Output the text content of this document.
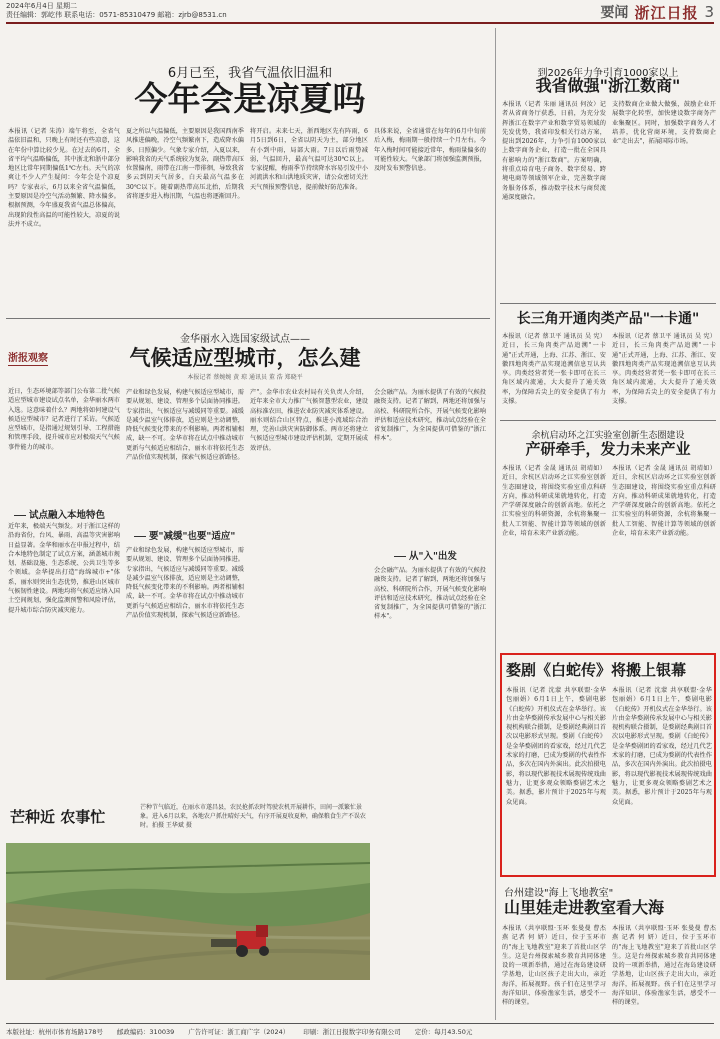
2024年6月4日 星期二
责任编辑：郭屹伟 联系电话：0571-85310479 邮箱：zjrb@8531.cn	要闻 浙江日报 3
6月已至，我省气温依旧温和
今年会是凉夏吗
本报讯（记者 朱涛）端午将至，全省气温依旧温和，只晚上有时还有些凉意，这在年份中算比较少见。在过去的6月，全省平均气温略偏低，其中浙北和浙中部分地区比常年同期偏低1℃左右。天气的凉爽让不少人产生疑问：今年会是个凉夏吗？专家表示，6月以来全省气温偏低，主要原因是冷空气活动频繁、降水偏多。根据预测，今年盛夏我省气温总体偏高，出现阶段性高温的可能性较大，凉夏的说法并不成立。
夏之所以气温偏低，主要原因是我国西南季风推进偏晚，冷空气频繁南下，造成降水偏多、日照偏少。气象专家介绍，入夏以来，影响我省的天气系统较为复杂，副热带高压位置偏南，雨带在江南一带徘徊，导致我省多云到阴天气居多，白天最高气温多在30℃以下。随着副热带高压北抬，后期我省将逐步进入梅汛期，气温也将逐渐回升。
将开启。未来七天，浙西地区先有阵雨，6月5日到6日，全省以阴天为主，部分地区有小到中雨，局部大雨。7日以后雨势减弱，气温回升，最高气温可达30℃以上。专家提醒，梅雨季节持续降水容易引发中小河流洪水和山洪地质灾害，请公众密切关注天气预报预警信息，提前做好防范准备。
具体来说，全省通常在每年的6月中旬前后入梅，梅雨期一般持续一个月左右。今年入梅时间可能接近常年，梅雨量偏多的可能性较大。气象部门将加强监测预报，及时发布预警信息。
金华丽水入选国家级试点——
气候适应型城市，怎么建
本报记者 蔡婉婉 黄 琼 通讯员 董 浩 郑晓平
浙报观察
近日，生态环境部等部门公布第二批气候适应型城市建设试点名单，金华丽水两市入选。这意味着什么？两地将如何建设气候适应型城市？记者进行了采访。气候适应型城市，是指通过规划引导、工程措施和管理手段，提升城市应对极端天气气候事件能力的城市。
试点融入本地特色
近年来，极端天气频发。对于浙江这样的沿海省份，台风、暴雨、高温等灾害影响日益显著。金华和丽水在申报过程中，结合本地特色制定了试点方案，涵盖城市规划、基础设施、生态系统、公共卫生等多个领域。金华提出打造"海绵城市+"体系，丽水则突出生态优势，推进山区城市气候韧性建设。两地均将气候适应纳入国土空间规划，强化监测预警和风险评估，提升城市综合防灾减灾能力。
产业和绿色发展，构建气候适应型城市，需要从规划、建设、管理多个层面协同推进。专家指出，气候适应与减缓同等重要。减缓是减少温室气体排放，适应则是主动调整，降低气候变化带来的不利影响。两者相辅相成，缺一不可。金华市将在试点中推动城市更新与气候适应相结合，丽水市将依托生态产品价值实现机制，探索气候适应新路径。
要"减缓"也要"适应"
产业和绿色发展，构建气候适应型城市，需要从规划、建设、管理多个层面协同推进。专家指出，气候适应与减缓同等重要。减缓是减少温室气体排放，适应则是主动调整，降低气候变化带来的不利影响。两者相辅相成，缺一不可。金华市将在试点中推动城市更新与气候适应相结合，丽水市将依托生态产品价值实现机制，探索气候适应新路径。
产"。金华市农业农村局有关负责人介绍，近年来全市大力推广气候智慧型农业，建设高标准农田，推进农业防灾减灾体系建设。丽水则结合山区特点，推进小流域综合治理，完善山洪灾害防御体系。两市还将建立气候适应型城市建设评估机制，定期开展成效评估。
会会融产品。为丽水提供了有效的气候投融资支持。记者了解到，两地还将加强与高校、科研院所合作，开展气候变化影响评估和适应技术研究，推动试点经验在全省复制推广，为全国提供可借鉴的"浙江样本"。
从"入"出发
会会融产品。为丽水提供了有效的气候投融资支持。记者了解到，两地还将加强与高校、科研院所合作，开展气候变化影响评估和适应技术研究，推动试点经验在全省复制推广，为全国提供可借鉴的"浙江样本"。
芒种近 农事忙
芒种节气临近，在丽水市遂昌县，农民抢抓农时驾驶农机开展耕作，田间一派繁忙景象。进入6月以来，各地农户抓住晴好天气，有序开展夏收夏种，确保粮食生产不误农时。拍摄 王华斌 摄
到2026年力争引育1000家以上
我省做强"浙江数商"
本报讯（记者 朱丽 通讯员 何汝）记者从省商务厅获悉，日前，为充分发挥浙江在数字产业和数字贸易领域的先发优势，我省印发相关行动方案，提出到2026年，力争引育1000家以上数字商务企业，打造一批在全国具有影响力的"浙江数商"。方案明确，将重点培育电子商务、数字贸易、跨境电商等领域领军企业，完善数字商务服务体系，推动数字技术与商贸流通深度融合。
支持数商企业做大做强，鼓励企业开展数字化转型，加快建设数字商务产业集聚区。同时，加强数字商务人才培养，优化营商环境，支持数商企业"走出去"，拓展国际市场。
长三角开通肉类产品"一卡通"
本报讯（记者 蔡卫平 通讯员 吴 宪）近日，长三角肉类产品追溯"一卡通"正式开通，上海、江苏、浙江、安徽四地肉类产品实现追溯信息互认共享。肉类经营者凭一张卡即可在长三角区域内流通，大大提升了通关效率，为保障舌尖上的安全提供了有力支撑。
本报讯（记者 蔡卫平 通讯员 吴 宪）近日，长三角肉类产品追溯"一卡通"正式开通，上海、江苏、浙江、安徽四地肉类产品实现追溯信息互认共享。肉类经营者凭一张卡即可在长三角区域内流通，大大提升了通关效率，为保障舌尖上的安全提供了有力支撑。
余杭启动环之江实验室创新生态圈建设
产研牵手，发力未来产业
本报讯（记者 金晟 通讯员 胡靖如）近日，余杭区启动环之江实验室创新生态圈建设，将围绕实验室重点科研方向，推动科研成果就地转化，打造产学研深度融合的创新高地。依托之江实验室的科研资源，余杭将集聚一批人工智能、智能计算等领域的创新企业，培育未来产业新动能。
本报讯（记者 金晟 通讯员 胡靖如）近日，余杭区启动环之江实验室创新生态圈建设，将围绕实验室重点科研方向，推动科研成果就地转化，打造产学研深度融合的创新高地。依托之江实验室的科研资源，余杭将集聚一批人工智能、智能计算等领域的创新企业，培育未来产业新动能。
婺剧《白蛇传》将搬上银幕
本报讯（记者 沈蒙 共享联盟·金华 包丽娟）6月1日上午，婺剧电影《白蛇传》开机仪式在金华举行。该片由金华婺剧传承发展中心与相关影视机构联合摄制，是婺剧经典剧目首次以电影形式呈现。婺剧《白蛇传》是金华婺剧团的看家戏，经过几代艺术家的打磨，已成为婺剧的代表性作品，多次在国内外演出。此次拍摄电影，将以现代影视技术展现传统戏曲魅力，让更多观众领略婺剧艺术之美。据悉，影片预计于2025年与观众见面。
本报讯（记者 沈蒙 共享联盟·金华 包丽娟）6月1日上午，婺剧电影《白蛇传》开机仪式在金华举行。该片由金华婺剧传承发展中心与相关影视机构联合摄制，是婺剧经典剧目首次以电影形式呈现。婺剧《白蛇传》是金华婺剧团的看家戏，经过几代艺术家的打磨，已成为婺剧的代表性作品，多次在国内外演出。此次拍摄电影，将以现代影视技术展现传统戏曲魅力，让更多观众领略婺剧艺术之美。据悉，影片预计于2025年与观众见面。
台州建设"海上飞地教室"
山里娃走进教室看大海
本报讯（共享联盟·玉环 张曼曼 曹杰燕 记者 何 妍）近日，位于玉环市的"海上飞地教室"迎来了首批山区学生。这是台州探索城乡教育共同体建设的一项新举措，通过在海岛建设研学基地，让山区孩子走出大山，亲近海洋，拓展视野。孩子们在这里学习海洋知识、体验渔家生活，感受不一样的课堂。
本报讯（共享联盟·玉环 张曼曼 曹杰燕 记者 何 妍）近日，位于玉环市的"海上飞地教室"迎来了首批山区学生。这是台州探索城乡教育共同体建设的一项新举措，通过在海岛建设研学基地，让山区孩子走出大山，亲近海洋，拓展视野。孩子们在这里学习海洋知识、体验渔家生活，感受不一样的课堂。
本版社址：杭州市体育场路178号 邮政编码：310039 广告许可证：浙工商广字（2024） 印刷：浙江日报数字印务有限公司 定价：每月43.50元
